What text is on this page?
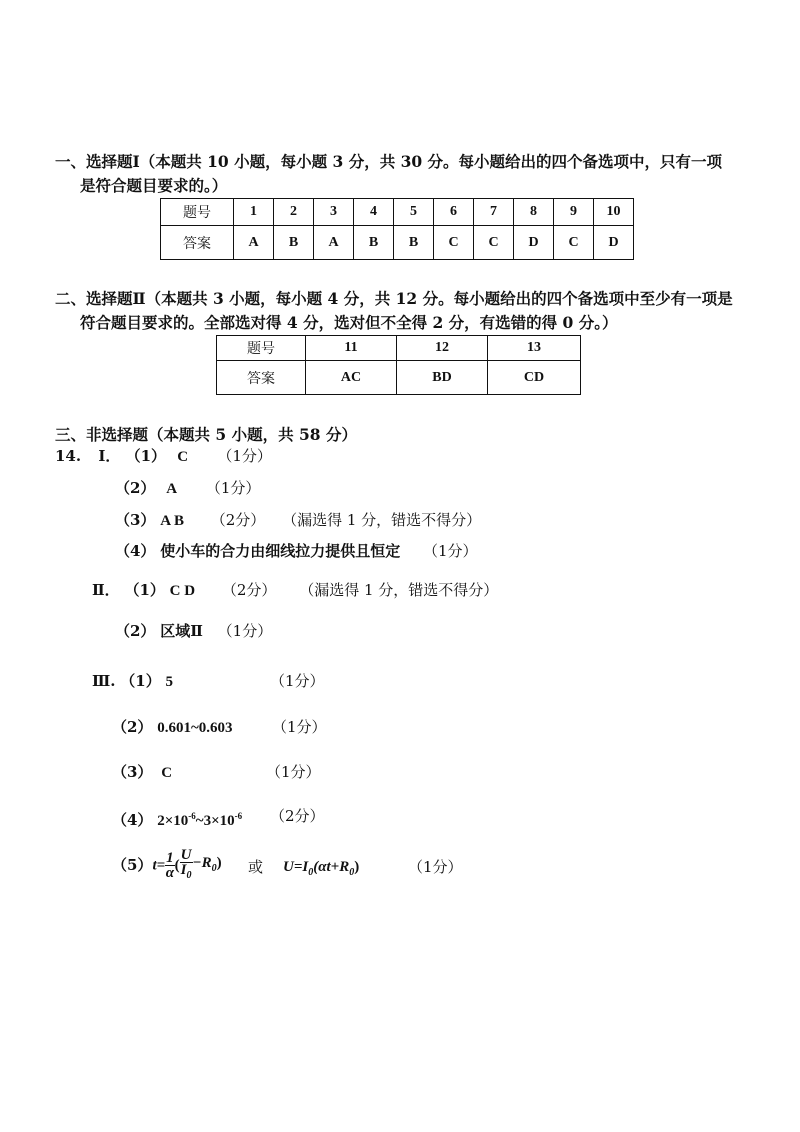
一、选择题Ⅰ（本题共 10 小题，每小题 3 分，共 30 分。每小题给出的四个备选项中，只有一项
是符合题目要求的。）
题号	1	2	3	4	5	6	7	8	9	10
答案	A	B	A	B	B	C	C	D	C	D
二、选择题Ⅱ（本题共 3 小题，每小题 4 分，共 12 分。每小题给出的四个备选项中至少有一项是
符合题目要求的。全部选对得 4 分，选对但不全得 2 分，有选错的得 0 分。）
题号	11	12	13
答案	AC	BD	CD
三、非选择题（本题共 5 小题，共 58 分）
14. Ⅰ． （1） C （1分）
（2） A （1分）
（3） A B （2分） （漏选得 1 分，错选不得分）
（4） 使小车的合力由细线拉力提供且恒定 （1分）
Ⅱ． （1） C D （2分） （漏选得 1 分，错选不得分）
（2） 区域Ⅱ （1分）
Ⅲ. （1） 5	（1分）
（2） 0.601~0.603	（1分）
（3） C	（1分）
（4） $2\times 10^{-6}\sim 3\times 10^{-6}$ （2分）
$(5)t= \frac{1}{\alpha}$ ( $\frac{U}{I_0} -R_0$) 或 $U=I_0(\alpha t+R_0)$	（1分）
